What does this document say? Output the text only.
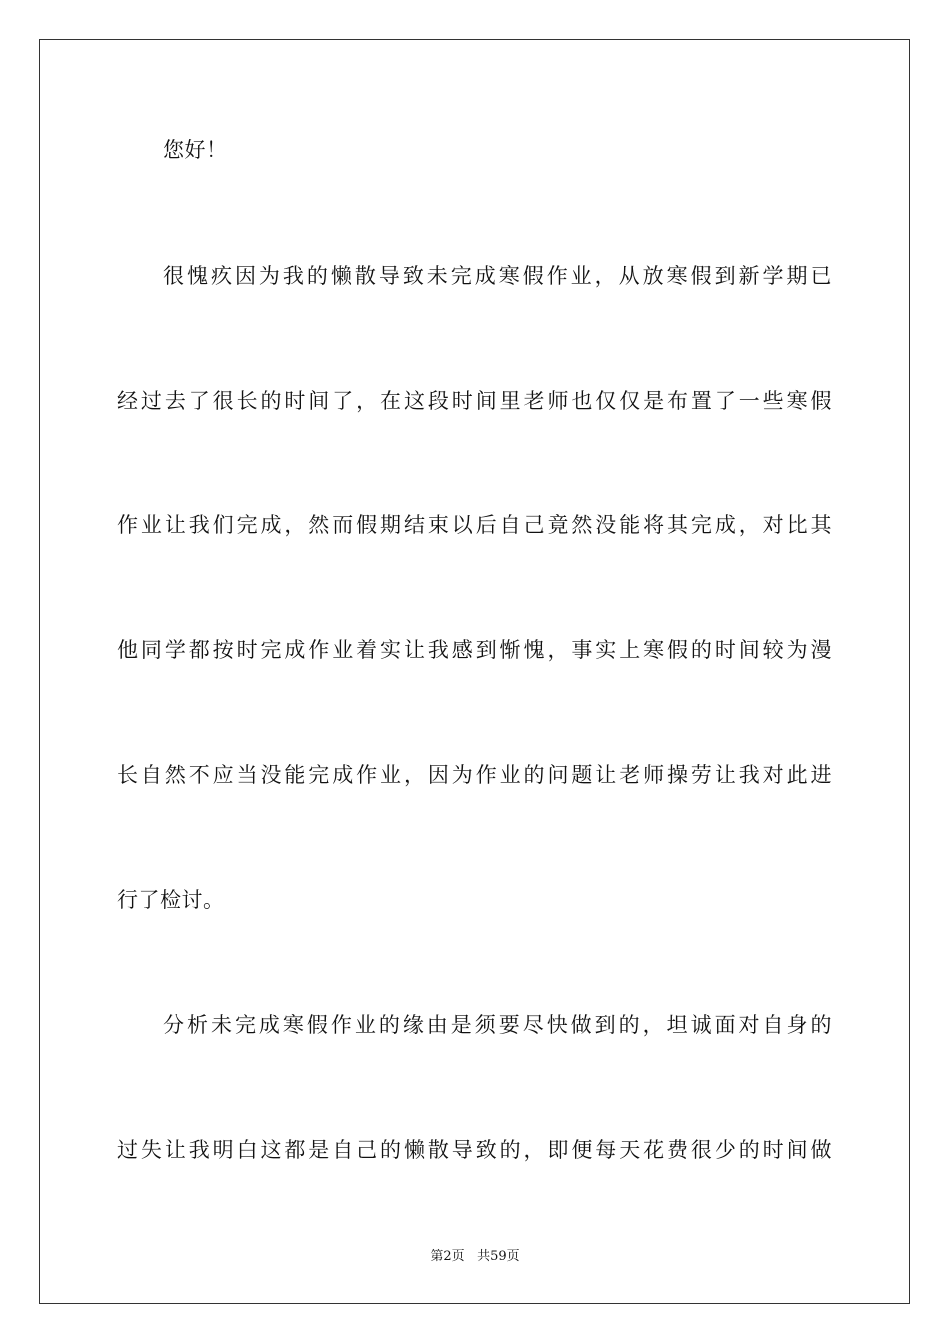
您好！
很愧疚因为我的懒散导致未完成寒假作业，从放寒假到新学期已
经过去了很长的时间了，在这段时间里老师也仅仅是布置了一些寒假
作业让我们完成，然而假期结束以后自己竟然没能将其完成，对比其
他同学都按时完成作业着实让我感到惭愧，事实上寒假的时间较为漫
长自然不应当没能完成作业，因为作业的问题让老师操劳让我对此进
行了检讨。
分析未完成寒假作业的缘由是须要尽快做到的，坦诚面对自身的
过失让我明白这都是自己的懒散导致的，即便每天花费很少的时间做
第2页 共59页
